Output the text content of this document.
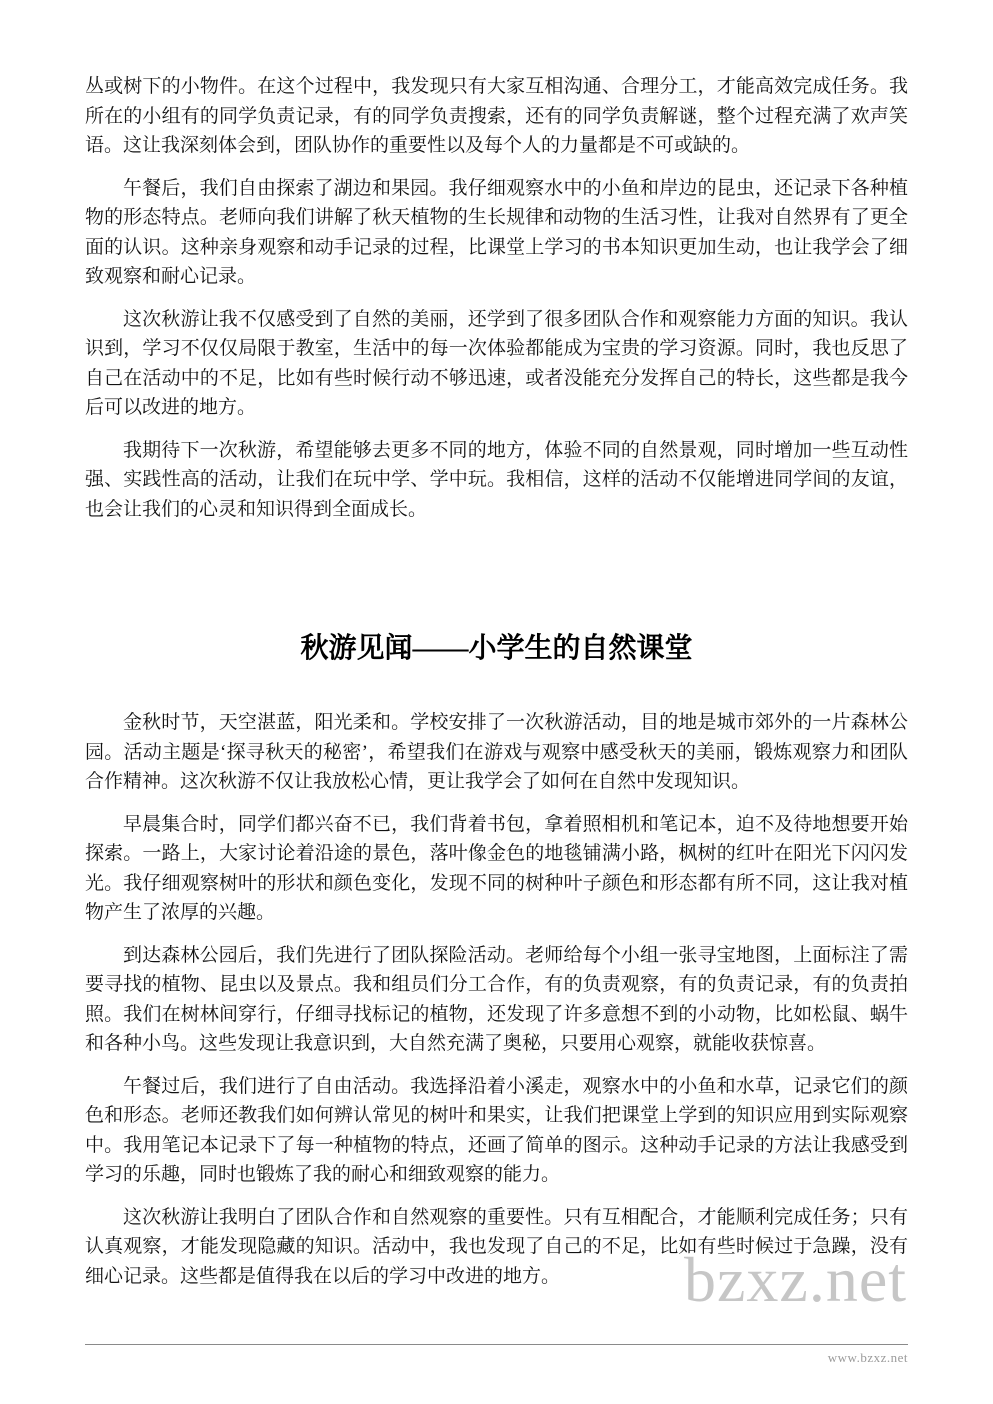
bzxz.net

丛或树下的小物件。在这个过程中，我发现只有大家互相沟通、合理分工，才能高效完成任务。我所在的小组有的同学负责记录，有的同学负责搜索，还有的同学负责解谜，整个过程充满了欢声笑语。这让我深刻体会到，团队协作的重要性以及每个人的力量都是不可或缺的。

午餐后，我们自由探索了湖边和果园。我仔细观察水中的小鱼和岸边的昆虫，还记录下各种植物的形态特点。老师向我们讲解了秋天植物的生长规律和动物的生活习性，让我对自然界有了更全面的认识。这种亲身观察和动手记录的过程，比课堂上学习的书本知识更加生动，也让我学会了细致观察和耐心记录。

这次秋游让我不仅感受到了自然的美丽，还学到了很多团队合作和观察能力方面的知识。我认识到，学习不仅仅局限于教室，生活中的每一次体验都能成为宝贵的学习资源。同时，我也反思了自己在活动中的不足，比如有些时候行动不够迅速，或者没能充分发挥自己的特长，这些都是我今后可以改进的地方。

我期待下一次秋游，希望能够去更多不同的地方，体验不同的自然景观，同时增加一些互动性强、实践性高的活动，让我们在玩中学、学中玩。我相信，这样的活动不仅能增进同学间的友谊，也会让我们的心灵和知识得到全面成长。

秋游见闻——小学生的自然课堂

金秋时节，天空湛蓝，阳光柔和。学校安排了一次秋游活动，目的地是城市郊外的一片森林公园。活动主题是‘探寻秋天的秘密’，希望我们在游戏与观察中感受秋天的美丽，锻炼观察力和团队合作精神。这次秋游不仅让我放松心情，更让我学会了如何在自然中发现知识。

早晨集合时，同学们都兴奋不已，我们背着书包，拿着照相机和笔记本，迫不及待地想要开始探索。一路上，大家讨论着沿途的景色，落叶像金色的地毯铺满小路，枫树的红叶在阳光下闪闪发光。我仔细观察树叶的形状和颜色变化，发现不同的树种叶子颜色和形态都有所不同，这让我对植物产生了浓厚的兴趣。

到达森林公园后，我们先进行了团队探险活动。老师给每个小组一张寻宝地图，上面标注了需要寻找的植物、昆虫以及景点。我和组员们分工合作，有的负责观察，有的负责记录，有的负责拍照。我们在树林间穿行，仔细寻找标记的植物，还发现了许多意想不到的小动物，比如松鼠、蜗牛和各种小鸟。这些发现让我意识到，大自然充满了奥秘，只要用心观察，就能收获惊喜。

午餐过后，我们进行了自由活动。我选择沿着小溪走，观察水中的小鱼和水草，记录它们的颜色和形态。老师还教我们如何辨认常见的树叶和果实，让我们把课堂上学到的知识应用到实际观察中。我用笔记本记录下了每一种植物的特点，还画了简单的图示。这种动手记录的方法让我感受到学习的乐趣，同时也锻炼了我的耐心和细致观察的能力。

这次秋游让我明白了团队合作和自然观察的重要性。只有互相配合，才能顺利完成任务；只有认真观察，才能发现隐藏的知识。活动中，我也发现了自己的不足，比如有些时候过于急躁，没有细心记录。这些都是值得我在以后的学习中改进的地方。

www.bzxz.net
